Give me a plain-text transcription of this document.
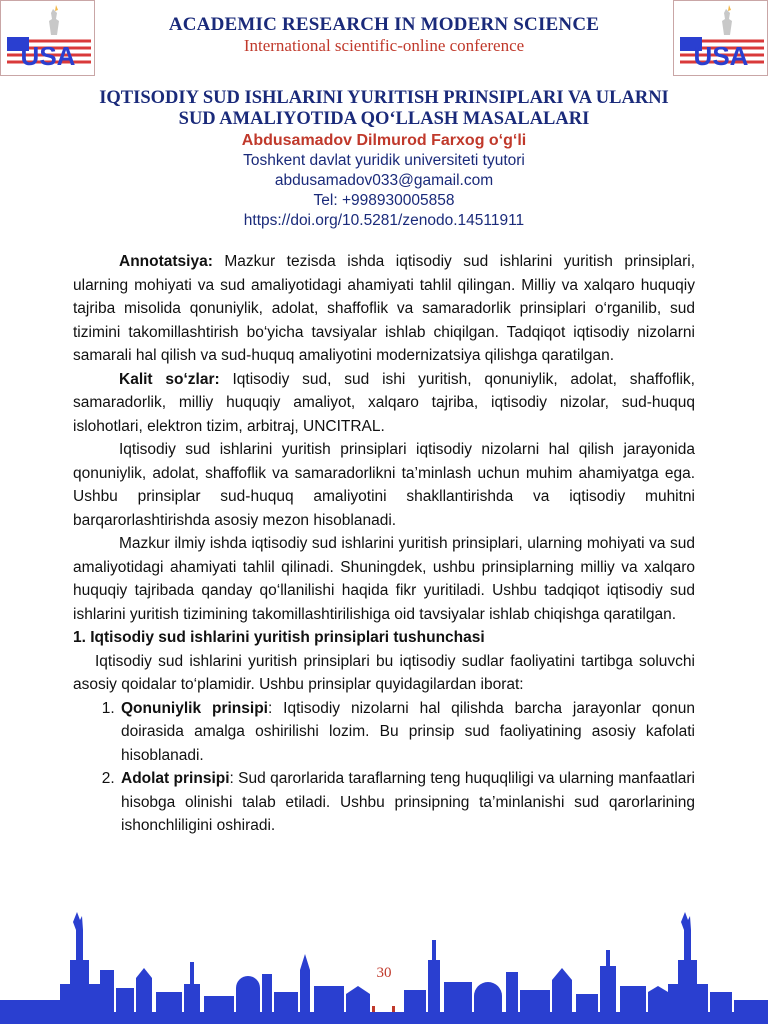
USA
ACADEMIC RESEARCH IN MODERN SCIENCE
International scientific-online conference	USA
IQTISODIY SUD ISHLARINI YURITISH PRINSIPLARI VA ULARNI
SUD AMALIYOTIDA QO‘LLASH MASALALARI
Abdusamadov Dilmurod Farxog o‘g‘li
Toshkent davlat yuridik universiteti tyutori
abdusamadov033@gamail.com
Tel: +998930005858
https://doi.org/10.5281/zenodo.14511911

Annotatsiya: Mazkur tezisda ishda iqtisodiy sud ishlarini yuritish prinsiplari, ularning mohiyati va sud amaliyotidagi ahamiyati tahlil qilingan. Milliy va xalqaro huquqiy tajriba misolida qonuniylik, adolat, shaffoflik va samaradorlik prinsiplari o‘rganilib, sud tizimini takomillashtirish bo‘yicha tavsiyalar ishlab chiqilgan. Tadqiqot iqtisodiy nizolarni samarali hal qilish va sud-huquq amaliyotini modernizatsiya qilishga qaratilgan.

Kalit so‘zlar: Iqtisodiy sud, sud ishi yuritish, qonuniylik, adolat, shaffoflik, samaradorlik, milliy huquqiy amaliyot, xalqaro tajriba, iqtisodiy nizolar, sud-huquq islohotlari, elektron tizim, arbitraj, UNCITRAL.

Iqtisodiy sud ishlarini yuritish prinsiplari iqtisodiy nizolarni hal qilish jarayonida qonuniylik, adolat, shaffoflik va samaradorlikni ta’minlash uchun muhim ahamiyatga ega. Ushbu prinsiplar sud-huquq amaliyotini shakllantirishda va iqtisodiy muhitni barqarorlashtirishda asosiy mezon hisoblanadi.

Mazkur ilmiy ishda iqtisodiy sud ishlarini yuritish prinsiplari, ularning mohiyati va sud amaliyotidagi ahamiyati tahlil qilinadi. Shuningdek, ushbu prinsiplarning milliy va xalqaro huquqiy tajribada qanday qo‘llanilishi haqida fikr yuritiladi. Ushbu tadqiqot iqtisodiy sud ishlarini yuritish tizimining takomillashtirilishiga oid tavsiyalar ishlab chiqishga qaratilgan.

1. Iqtisodiy sud ishlarini yuritish prinsiplari tushunchasi

Iqtisodiy sud ishlarini yuritish prinsiplari bu iqtisodiy sudlar faoliyatini tartibga soluvchi asosiy qoidalar to‘plamidir. Ushbu prinsiplar quyidagilardan iborat:

1. Qonuniylik prinsipi: Iqtisodiy nizolarni hal qilishda barcha jarayonlar qonun doirasida amalga oshirilishi lozim. Bu prinsip sud faoliyatining asosiy kafolati hisoblanadi.
2. Adolat prinsipi: Sud qarorlarida taraflarning teng huquqliligi va ularning manfaatlari hisobga olinishi talab etiladi. Ushbu prinsipning ta’minlanishi sud qarorlarining ishonchliligini oshiradi.
30
